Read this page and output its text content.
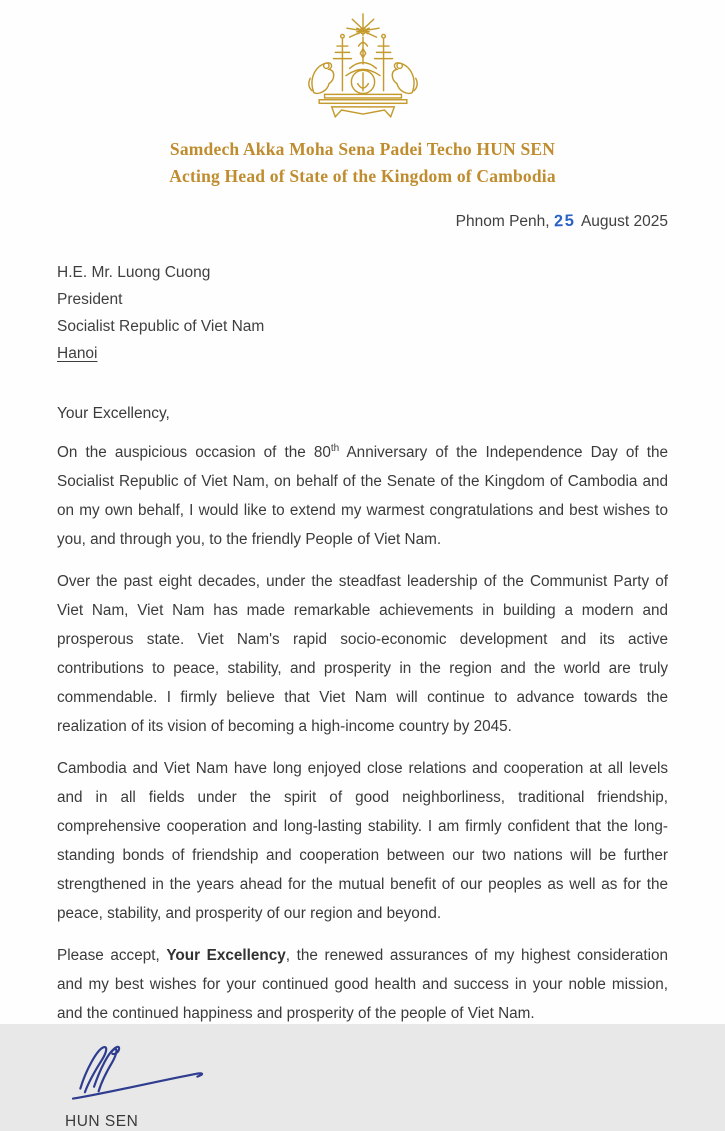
Samdech Akka Moha Sena Padei Techo HUN SEN
Acting Head of State of the Kingdom of Cambodia
Phnom Penh, 25 August 2025
H.E. Mr. Luong Cuong
President
Socialist Republic of Viet Nam
Hanoi
Your Excellency,

On the auspicious occasion of the 80th Anniversary of the Independence Day of the Socialist Republic of Viet Nam, on behalf of the Senate of the Kingdom of Cambodia and on my own behalf, I would like to extend my warmest congratulations and best wishes to you, and through you, to the friendly People of Viet Nam.

Over the past eight decades, under the steadfast leadership of the Communist Party of Viet Nam, Viet Nam has made remarkable achievements in building a modern and prosperous state. Viet Nam's rapid socio-economic development and its active contributions to peace, stability, and prosperity in the region and the world are truly commendable. I firmly believe that Viet Nam will continue to advance towards the realization of its vision of becoming a high-income country by 2045.

Cambodia and Viet Nam have long enjoyed close relations and cooperation at all levels and in all fields under the spirit of good neighborliness, traditional friendship, comprehensive cooperation and long-lasting stability. I am firmly confident that the long-standing bonds of friendship and cooperation between our two nations will be further strengthened in the years ahead for the mutual benefit of our peoples as well as for the peace, stability, and prosperity of our region and beyond.

Please accept, Your Excellency, the renewed assurances of my highest consideration and my best wishes for your continued good health and success in your noble mission, and the continued happiness and prosperity of the people of Viet Nam.

HUN SEN
